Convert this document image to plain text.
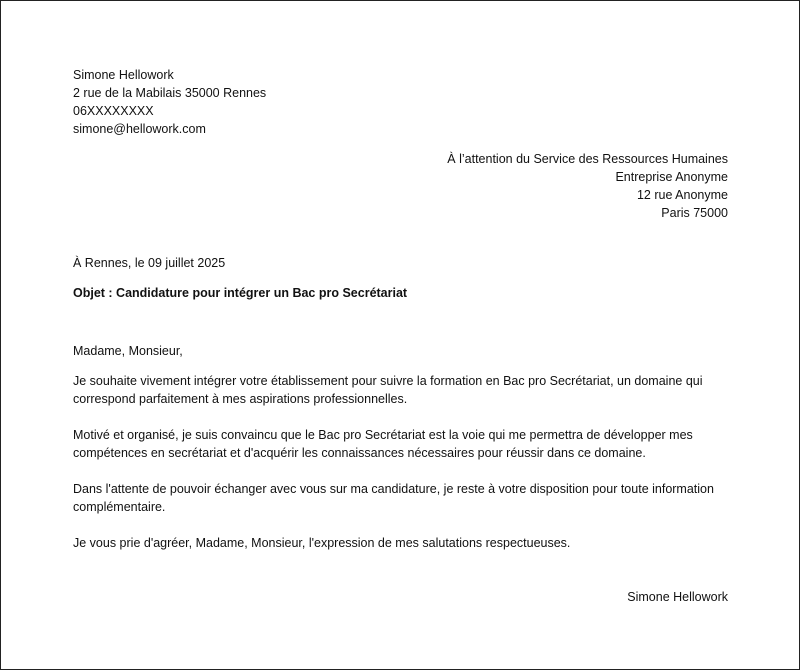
Simone Hellowork
2 rue de la Mabilais 35000 Rennes
06XXXXXXXX
simone@hellowork.com
À l’attention du Service des Ressources Humaines
Entreprise Anonyme
12 rue Anonyme
Paris 75000
À Rennes, le 09 juillet 2025
Objet : Candidature pour intégrer un Bac pro Secrétariat
Madame, Monsieur,
Je souhaite vivement intégrer votre établissement pour suivre la formation en Bac pro Secrétariat, un domaine qui correspond parfaitement à mes aspirations professionnelles.
Motivé et organisé, je suis convaincu que le Bac pro Secrétariat est la voie qui me permettra de développer mes compétences en secrétariat et d'acquérir les connaissances nécessaires pour réussir dans ce domaine.
Dans l'attente de pouvoir échanger avec vous sur ma candidature, je reste à votre disposition pour toute information complémentaire.
Je vous prie d'agréer, Madame, Monsieur, l'expression de mes salutations respectueuses.
Simone Hellowork
